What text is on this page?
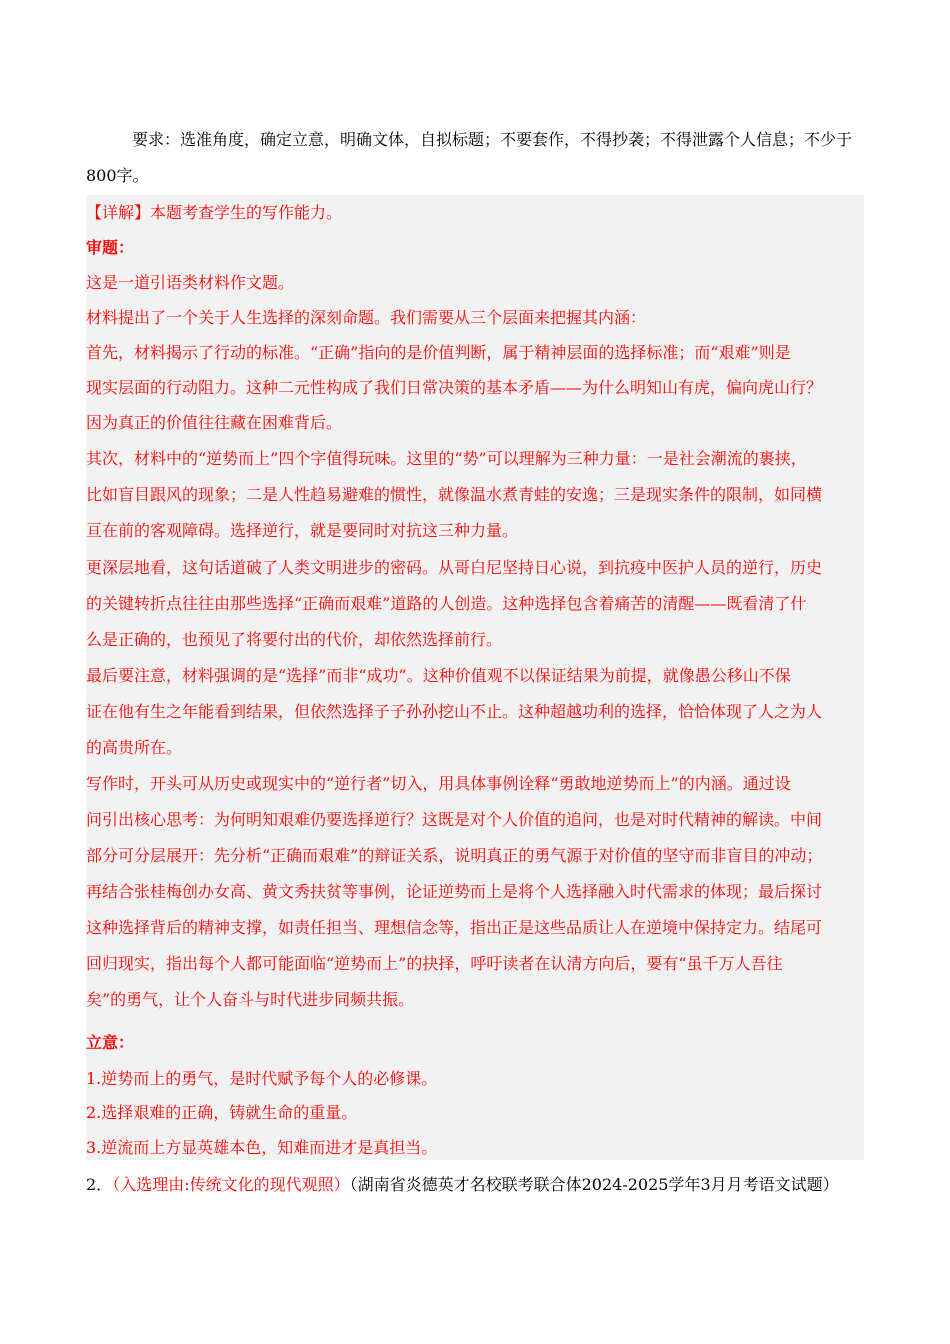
要求：选准角度，确定立意，明确文体，自拟标题；不要套作，不得抄袭；不得泄露个人信息；不少于800字。
【详解】本题考查学生的写作能力。
审题：
这是一道引语类材料作文题。
材料提出了一个关于人生选择的深刻命题。我们需要从三个层面来把握其内涵：
首先，材料揭示了行动的标准。“正确”指向的是价值判断，属于精神层面的选择标准；而“艰难”则是
现实层面的行动阻力。这种二元性构成了我们日常决策的基本矛盾——为什么明知山有虎，偏向虎山行？
因为真正的价值往往藏在困难背后。
其次，材料中的“逆势而上”四个字值得玩味。这里的“势”可以理解为三种力量：一是社会潮流的裹挟，
比如盲目跟风的现象；二是人性趋易避难的惯性，就像温水煮青蛙的安逸；三是现实条件的限制，如同横
亘在前的客观障碍。选择逆行，就是要同时对抗这三种力量。
更深层地看，这句话道破了人类文明进步的密码。从哥白尼坚持日心说，到抗疫中医护人员的逆行，历史
的关键转折点往往由那些选择“正确而艰难”道路的人创造。这种选择包含着痛苦的清醒——既看清了什
么是正确的，也预见了将要付出的代价，却依然选择前行。
最后要注意，材料强调的是“选择”而非“成功”。这种价值观不以保证结果为前提，就像愚公移山不保
证在他有生之年能看到结果，但依然选择子子孙孙挖山不止。这种超越功利的选择，恰恰体现了人之为人
的高贵所在。
写作时，开头可从历史或现实中的“逆行者”切入，用具体事例诠释“勇敢地逆势而上”的内涵。通过设
问引出核心思考：为何明知艰难仍要选择逆行？这既是对个人价值的追问，也是对时代精神的解读。中间
部分可分层展开：先分析“正确而艰难”的辩证关系，说明真正的勇气源于对价值的坚守而非盲目的冲动；
再结合张桂梅创办女高、黄文秀扶贫等事例，论证逆势而上是将个人选择融入时代需求的体现；最后探讨
这种选择背后的精神支撑，如责任担当、理想信念等，指出正是这些品质让人在逆境中保持定力。结尾可
回归现实，指出每个人都可能面临“逆势而上”的抉择，呼吁读者在认清方向后，要有“虽千万人吾往
矣”的勇气，让个人奋斗与时代进步同频共振。
立意：
1.逆势而上的勇气，是时代赋予每个人的必修课。
2.选择艰难的正确，铸就生命的重量。
3.逆流而上方显英雄本色，知难而进才是真担当。
2．（入选理由:传统文化的现代观照）（湖南省炎德英才名校联考联合体2024-2025学年3月月考语文试题）
